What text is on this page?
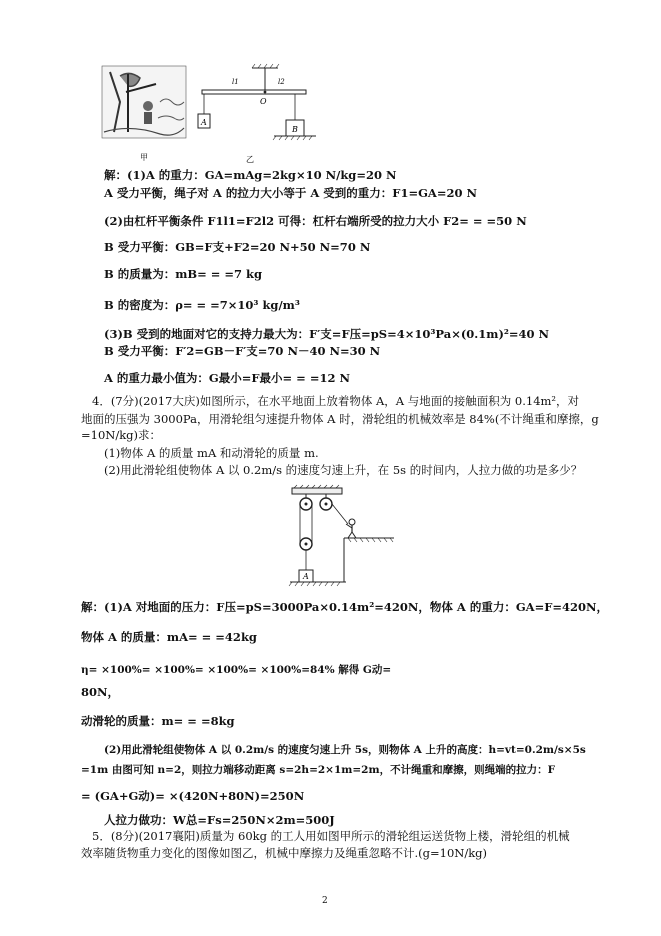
甲
l1	l2
O
A
B
乙
解：(1)A 的重力：GA=mAg=2kg×10 N/kg=20 N
A 受力平衡，绳子对 A 的拉力大小等于 A 受到的重力：F1=GA=20 N
(2)由杠杆平衡条件 F1l1=F2l2 可得：杠杆右端所受的拉力大小 F2= = =50 N
B 受力平衡：GB=F支+F2=20 N+50 N=70 N
B 的质量为：mB= = =7 kg
B 的密度为：ρ= = =7×10³ kg/m³
(3)B 受到的地面对它的支持力最大为：F′支=F压=pS=4×10³Pa×(0.1m)²=40 N
B 受力平衡：F′2=GB－F′支=70 N－40 N=30 N
A 的重力最小值为：G最小=F最小= = =12 N
4．(7分)(2017大庆)如图所示，在水平地面上放着物体 A，A 与地面的接触面积为 0.14m²，对
地面的压强为 3000Pa，用滑轮组匀速提升物体 A 时，滑轮组的机械效率是 84%(不计绳重和摩擦，g
=10N/kg)求：
(1)物体 A 的质量 mA 和动滑轮的质量 m.
(2)用此滑轮组使物体 A 以 0.2m/s 的速度匀速上升，在 5s 的时间内，人拉力做的功是多少？
A
解：(1)A 对地面的压力：F压=pS=3000Pa×0.14m²=420N，物体 A 的重力：GA=F=420N，
物体 A 的质量：mA= = =42kg
η= ×100%= ×100%= ×100%= ×100%=84% 解得 G动=
80N，
动滑轮的质量：m= = =8kg
(2)用此滑轮组使物体 A 以 0.2m/s 的速度匀速上升 5s，则物体 A 上升的高度：h=vt=0.2m/s×5s
=1m 由图可知 n=2，则拉力端移动距离 s=2h=2×1m=2m，不计绳重和摩擦，则绳端的拉力：F
= (GA+G动)= ×(420N+80N)=250N
人拉力做功：W总=Fs=250N×2m=500J
5．(8分)(2017襄阳)质量为 60kg 的工人用如图甲所示的滑轮组运送货物上楼，滑轮组的机械
效率随货物重力变化的图像如图乙，机械中摩擦力及绳重忽略不计.(g=10N/kg)
2
